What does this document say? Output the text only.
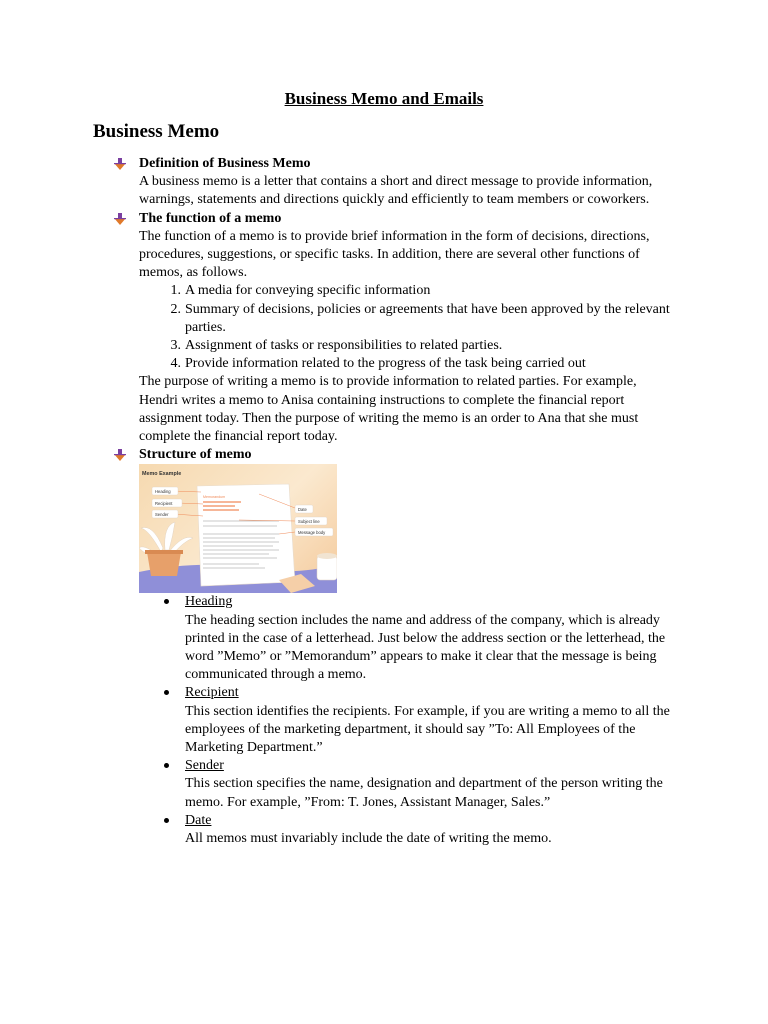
Business Memo and Emails
Business Memo
Definition of Business Memo

A business memo is a letter that contains a short and direct message to provide information, warnings, statements and directions quickly and efficiently to team members or coworkers.

The function of a memo

The function of a memo is to provide brief information in the form of decisions, directions, procedures, suggestions, or specific tasks. In addition, there are several other functions of memos, as follows.

1. A media for conveying specific information
2. Summary of decisions, policies or agreements that have been approved by the relevant parties.
3. Assignment of tasks or responsibilities to related parties.
4. Provide information related to the progress of the task being carried out

The purpose of writing a memo is to provide information to related parties. For example, Hendri writes a memo to Anisa containing instructions to complete the financial report assignment today. Then the purpose of writing the memo is an order to Ana that she must complete the financial report today.

Structure of memo
Memorandum
Memo Example
Heading
Recipient
Sender
Date
Subject line
Message body
Heading
The heading section includes the name and address of the company, which is already printed in the case of a letterhead. Just below the address section or the letterhead, the word ”Memo” or ”Memorandum” appears to make it clear that the message is being communicated through a memo.
Recipient
This section identifies the recipients. For example, if you are writing a memo to all the employees of the marketing department, it should say ”To: All Employees of the Marketing Department.”
Sender
This section specifies the name, designation and department of the person writing the memo. For example, ”From: T. Jones, Assistant Manager, Sales.”
Date
All memos must invariably include the date of writing the memo.
